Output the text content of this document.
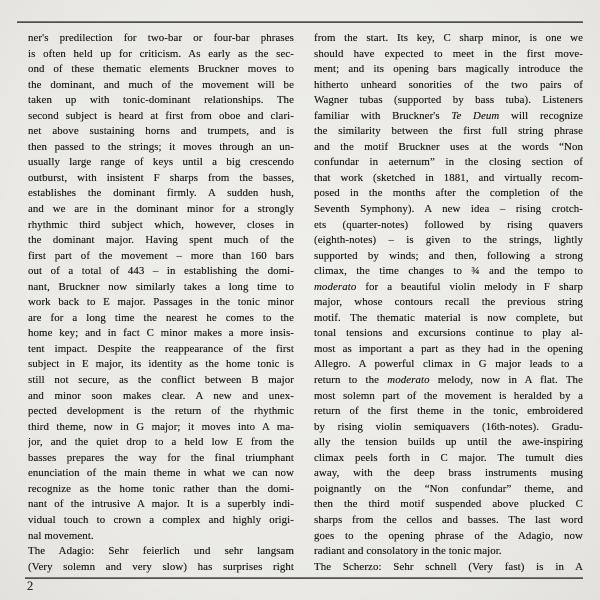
ner's predilection for two-bar or four-bar phrases
is often held up for criticism. As early as the sec-
ond of these thematic elements Bruckner moves to
the dominant, and much of the movement will be
taken up with tonic-dominant relationships. The
second subject is heard at first from oboe and clari-
net above sustaining horns and trumpets, and is
then passed to the strings; it moves through an un-
usually large range of keys until a big crescendo
outburst, with insistent F sharps from the basses,
establishes the dominant firmly. A sudden hush,
and we are in the dominant minor for a strongly
rhythmic third subject which, however, closes in
the dominant major. Having spent much of the
first part of the movement – more than 160 bars
out of a total of 443 – in establishing the domi-
nant, Bruckner now similarly takes a long time to
work back to E major. Passages in the tonic minor
are for a long time the nearest he comes to the
home key; and in fact C minor makes a more insis-
tent impact. Despite the reappearance of the first
subject in E major, its identity as the home tonic is
still not secure, as the conflict between B major
and minor soon makes clear. A new and unex-
pected development is the return of the rhythmic
third theme, now in G major; it moves into A ma-
jor, and the quiet drop to a held low E from the
basses prepares the way for the final triumphant
enunciation of the main theme in what we can now
recognize as the home tonic rather than the domi-
nant of the intrusive A major. It is a superbly indi-
vidual touch to crown a complex and highly origi-
nal movement.
The Adagio: Sehr feierlich und sehr langsam
(Very solemn and very slow) has surprises right
from the start. Its key, C sharp minor, is one we
should have expected to meet in the first move-
ment; and its opening bars magically introduce the
hitherto unheard sonorities of the two pairs of
Wagner tubas (supported by bass tuba). Listeners
familiar with Bruckner's Te Deum will recognize
the similarity between the first full string phrase
and the motif Bruckner uses at the words “Non
confundar in aeternum” in the closing section of
that work (sketched in 1881, and virtually recom-
posed in the months after the completion of the
Seventh Symphony). A new idea – rising crotch-
ets (quarter-notes) followed by rising quavers
(eighth-notes) – is given to the strings, lightly
supported by winds; and then, following a strong
climax, the time changes to ¾ and the tempo to
moderato for a beautiful violin melody in F sharp
major, whose contours recall the previous string
motif. The thematic material is now complete, but
tonal tensions and excursions continue to play al-
most as important a part as they had in the opening
Allegro. A powerful climax in G major leads to a
return to the moderato melody, now in A flat. The
most solemn part of the movement is heralded by a
return of the first theme in the tonic, embroidered
by rising violin semiquavers (16th-notes). Gradu-
ally the tension builds up until the awe-inspiring
climax peels forth in C major. The tumult dies
away, with the deep brass instruments musing
poignantly on the “Non confundar” theme, and
then the third motif suspended above plucked C
sharps from the cellos and basses. The last word
goes to the opening phrase of the Adagio, now
radiant and consolatory in the tonic major.
The Scherzo: Sehr schnell (Very fast) is in A
2
